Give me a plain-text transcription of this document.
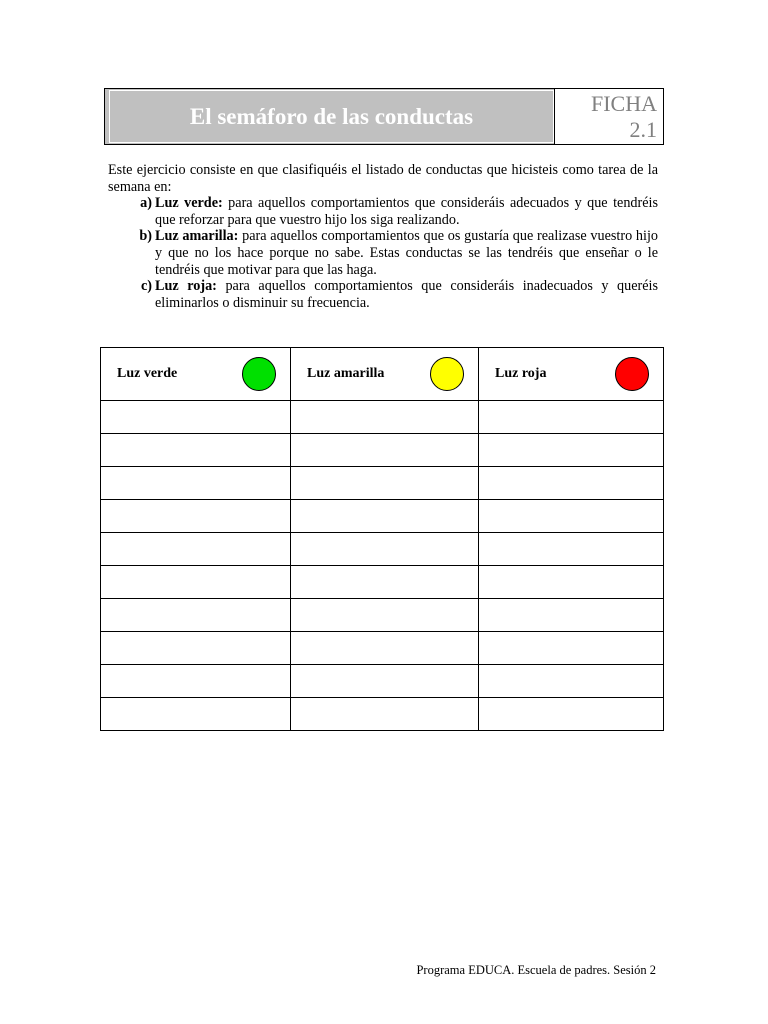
El semáforo de las conductas	FICHA
2.1

Este ejercicio consiste en que clasifiquéis el listado de conductas que hicisteis como tarea de la semana en:

a) Luz verde: para aquellos comportamientos que consideráis adecuados y que tendréis que reforzar para que vuestro hijo los siga realizando.
b) Luz amarilla: para aquellos comportamientos que os gustaría que realizase vuestro hijo y que no los hace porque no sabe. Estas conductas se las tendréis que enseñar o le tendréis que motivar para que las haga.
c) Luz roja: para aquellos comportamientos que consideráis inadecuados y queréis eliminarlos o disminuir su frecuencia.
Luz verde	Luz amarilla	Luz roja

Programa EDUCA. Escuela de padres. Sesión 2
